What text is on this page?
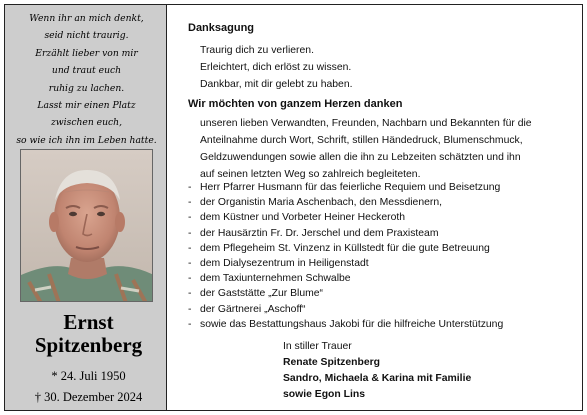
Wenn ihr an mich denkt,
seid nicht traurig.
Erzählt lieber von mir
und traut euch
ruhig zu lachen.
Lasst mir einen Platz
zwischen euch,
so wie ich ihn im Leben hatte.
Ernst
Spitzenberg
* 24. Juli 1950
† 30. Dezember 2024
Danksagung
Traurig dich zu verlieren.
Erleichtert, dich erlöst zu wissen.
Dankbar, mit dir gelebt zu haben.
Wir möchten von ganzem Herzen danken
unseren lieben Verwandten, Freunden, Nachbarn und Bekannten für die
Anteilnahme durch Wort, Schrift, stillen Händedruck, Blumenschmuck,
Geldzuwendungen sowie allen die ihn zu Lebzeiten schätzten und ihn
auf seinen letzten Weg so zahlreich begleiteten.
- Herr Pfarrer Husmann für das feierliche Requiem und Beisetzung
- der Organistin Maria Aschenbach, den Messdienern,
- dem Küstner und Vorbeter Heiner Heckeroth
- der Hausärztin Fr. Dr. Jerschel und dem Praxisteam
- dem Pflegeheim St. Vinzenz in Küllstedt für die gute Betreuung
- dem Dialysezentrum in Heiligenstadt
- dem Taxiunternehmen Schwalbe
- der Gaststätte „Zur Blume“
- der Gärtnerei „Aschoff“
- sowie das Bestattungshaus Jakobi für die hilfreiche Unterstützung
In stiller Trauer
Renate Spitzenberg
Sandro, Michaela & Karina mit Familie
sowie Egon Lins
